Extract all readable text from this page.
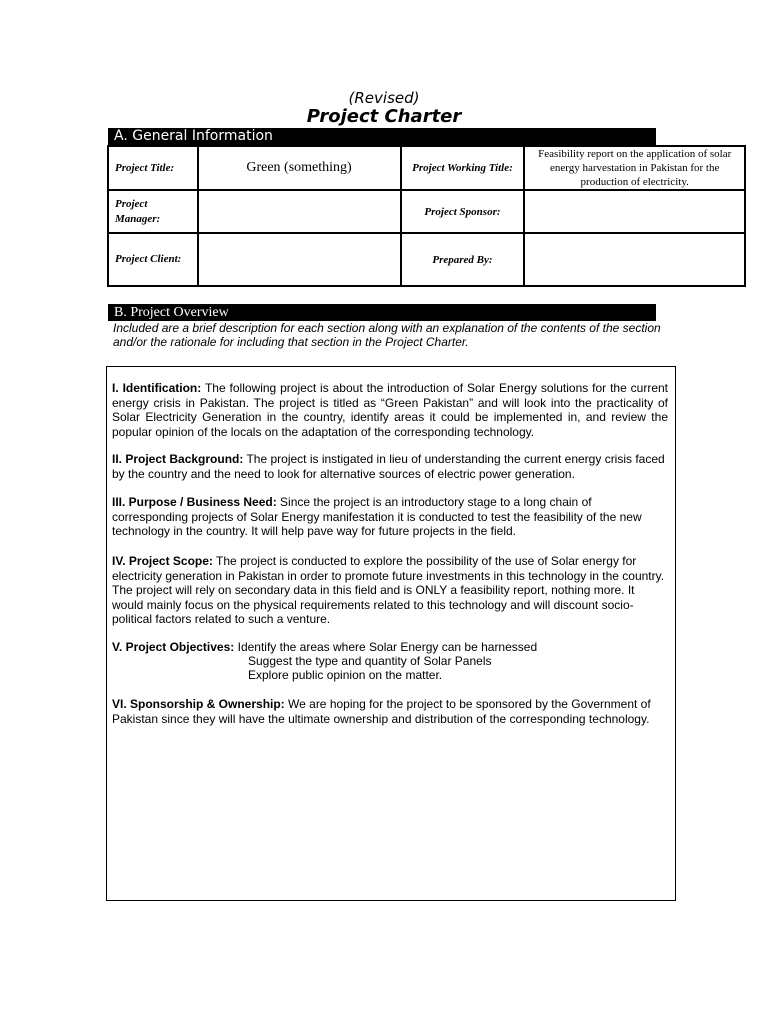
(Revised)
Project Charter
A. General Information
Project Title:	Green (something)	Project Working Title:	Feasibility report on the application of solar energy harvestation in Pakistan for the production of electricity.
Project Manager:		Project Sponsor:	
Project Client:		Prepared By:	
B. Project Overview
Included are a brief description for each section along with an explanation of the contents of the section and/or the rationale for including that section in the Project Charter.
I. Identification: The following project is about the introduction of Solar Energy solutions for the current energy crisis in Pakistan. The project is titled as “Green Pakistan” and will look into the practicality of Solar Electricity Generation in the country, identify areas it could be implemented in, and review the popular opinion of the locals on the adaptation of the corresponding technology.
II. Project Background: The project is instigated in lieu of understanding the current energy crisis faced by the country and the need to look for alternative sources of electric power generation.
III. Purpose / Business Need: Since the project is an introductory stage to a long chain of corresponding projects of Solar Energy manifestation it is conducted to test the feasibility of the new technology in the country. It will help pave way for future projects in the field.
IV. Project Scope: The project is conducted to explore the possibility of the use of Solar energy for electricity generation in Pakistan in order to promote future investments in this technology in the country. The project will rely on secondary data in this field and is ONLY a feasibility report, nothing more. It would mainly focus on the physical requirements related to this technology and will discount socio-political factors related to such a venture.
V. Project Objectives: Identify the areas where Solar Energy can be harnessed
Suggest the type and quantity of Solar Panels
Explore public opinion on the matter.
VI. Sponsorship & Ownership: We are hoping for the project to be sponsored by the Government of Pakistan since they will have the ultimate ownership and distribution of the corresponding technology.
